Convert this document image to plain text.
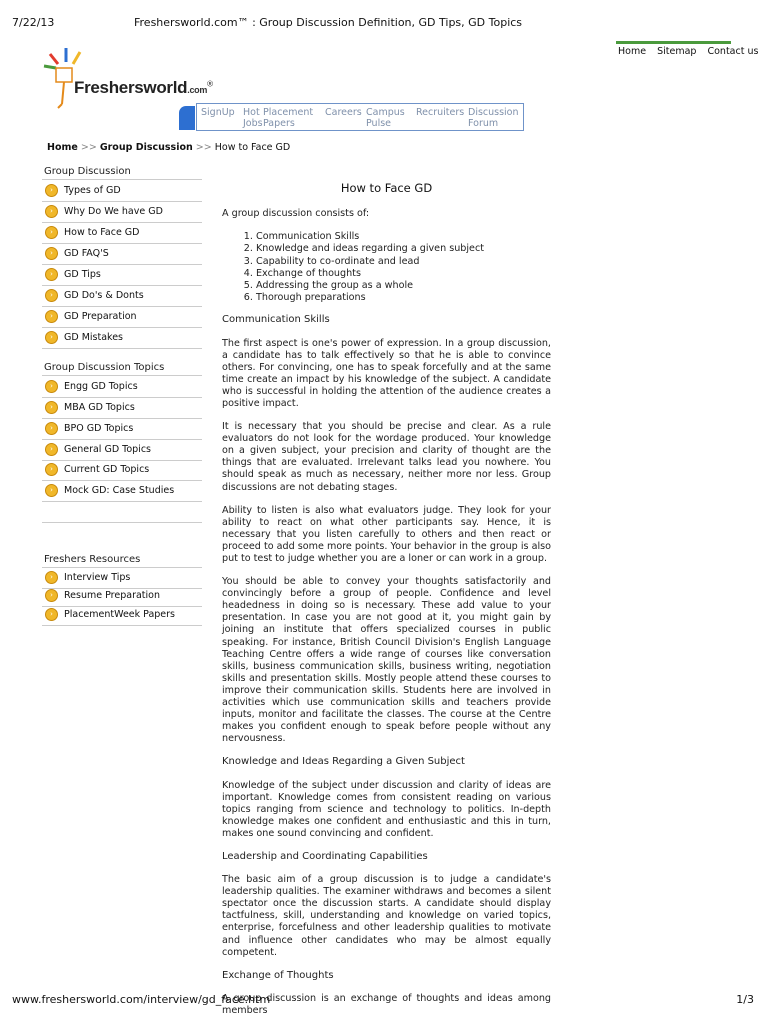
7/22/13	Freshersworld.com™ : Group Discussion Definition, GD Tips, GD Topics
Freshersworld.com®
Home Sitemap Contact us
SignUp Hot
Jobs
Placement
Papers
Careers Campus
Pulse
Recruiters Discussion
Forum
Home >> Group Discussion >> How to Face GD
Group Discussion
›	Types of GD
›	Why Do We have GD
›	How to Face GD
›	GD FAQ'S
›	GD Tips
›	GD Do's & Donts
›	GD Preparation
›	GD Mistakes
Group Discussion Topics
›	Engg GD Topics
›	MBA GD Topics
›	BPO GD Topics
›	General GD Topics
›	Current GD Topics
›	Mock GD: Case Studies
Freshers Resources
›	Interview Tips
›	Resume Preparation
›	PlacementWeek Papers
How to Face GD

A group discussion consists of:

1. Communication Skills
2. Knowledge and ideas regarding a given subject
3. Capability to co-ordinate and lead
4. Exchange of thoughts
5. Addressing the group as a whole
6. Thorough preparations
Communication Skills

The first aspect is one's power of expression. In a group discussion, a candidate has to talk effectively so that he is able to convince others. For convincing, one has to speak forcefully and at the same time create an impact by his knowledge of the subject. A candidate who is successful in holding the attention of the audience creates a positive impact.

It is necessary that you should be precise and clear. As a rule evaluators do not look for the wordage produced. Your knowledge on a given subject, your precision and clarity of thought are the things that are evaluated. Irrelevant talks lead you nowhere. You should speak as much as necessary, neither more nor less. Group discussions are not debating stages.

Ability to listen is also what evaluators judge. They look for your ability to react on what other participants say. Hence, it is necessary that you listen carefully to others and then react or proceed to add some more points. Your behavior in the group is also put to test to judge whether you are a loner or can work in a group.

You should be able to convey your thoughts satisfactorily and convincingly before a group of people. Confidence and level headedness in doing so is necessary. These add value to your presentation. In case you are not good at it, you might gain by joining an institute that offers specialized courses in public speaking. For instance, British Council Division's English Language Teaching Centre offers a wide range of courses like conversation skills, business communication skills, business writing, negotiation skills and presentation skills. Mostly people attend these courses to improve their communication skills. Students here are involved in activities which use communication skills and teachers provide inputs, monitor and facilitate the classes. The course at the Centre makes you confident enough to speak before people without any nervousness.

Knowledge and Ideas Regarding a Given Subject

Knowledge of the subject under discussion and clarity of ideas are important. Knowledge comes from consistent reading on various topics ranging from science and technology to politics. In-depth knowledge makes one confident and enthusiastic and this in turn, makes one sound convincing and confident.

Leadership and Coordinating Capabilities

The basic aim of a group discussion is to judge a candidate's leadership qualities. The examiner withdraws and becomes a silent spectator once the discussion starts. A candidate should display tactfulness, skill, understanding and knowledge on varied topics, enterprise, forcefulness and other leadership qualities to motivate and influence other candidates who may be almost equally competent.

Exchange of Thoughts

A group discussion is an exchange of thoughts and ideas among members

www.freshersworld.com/interview/gd_face.htm	1/3
